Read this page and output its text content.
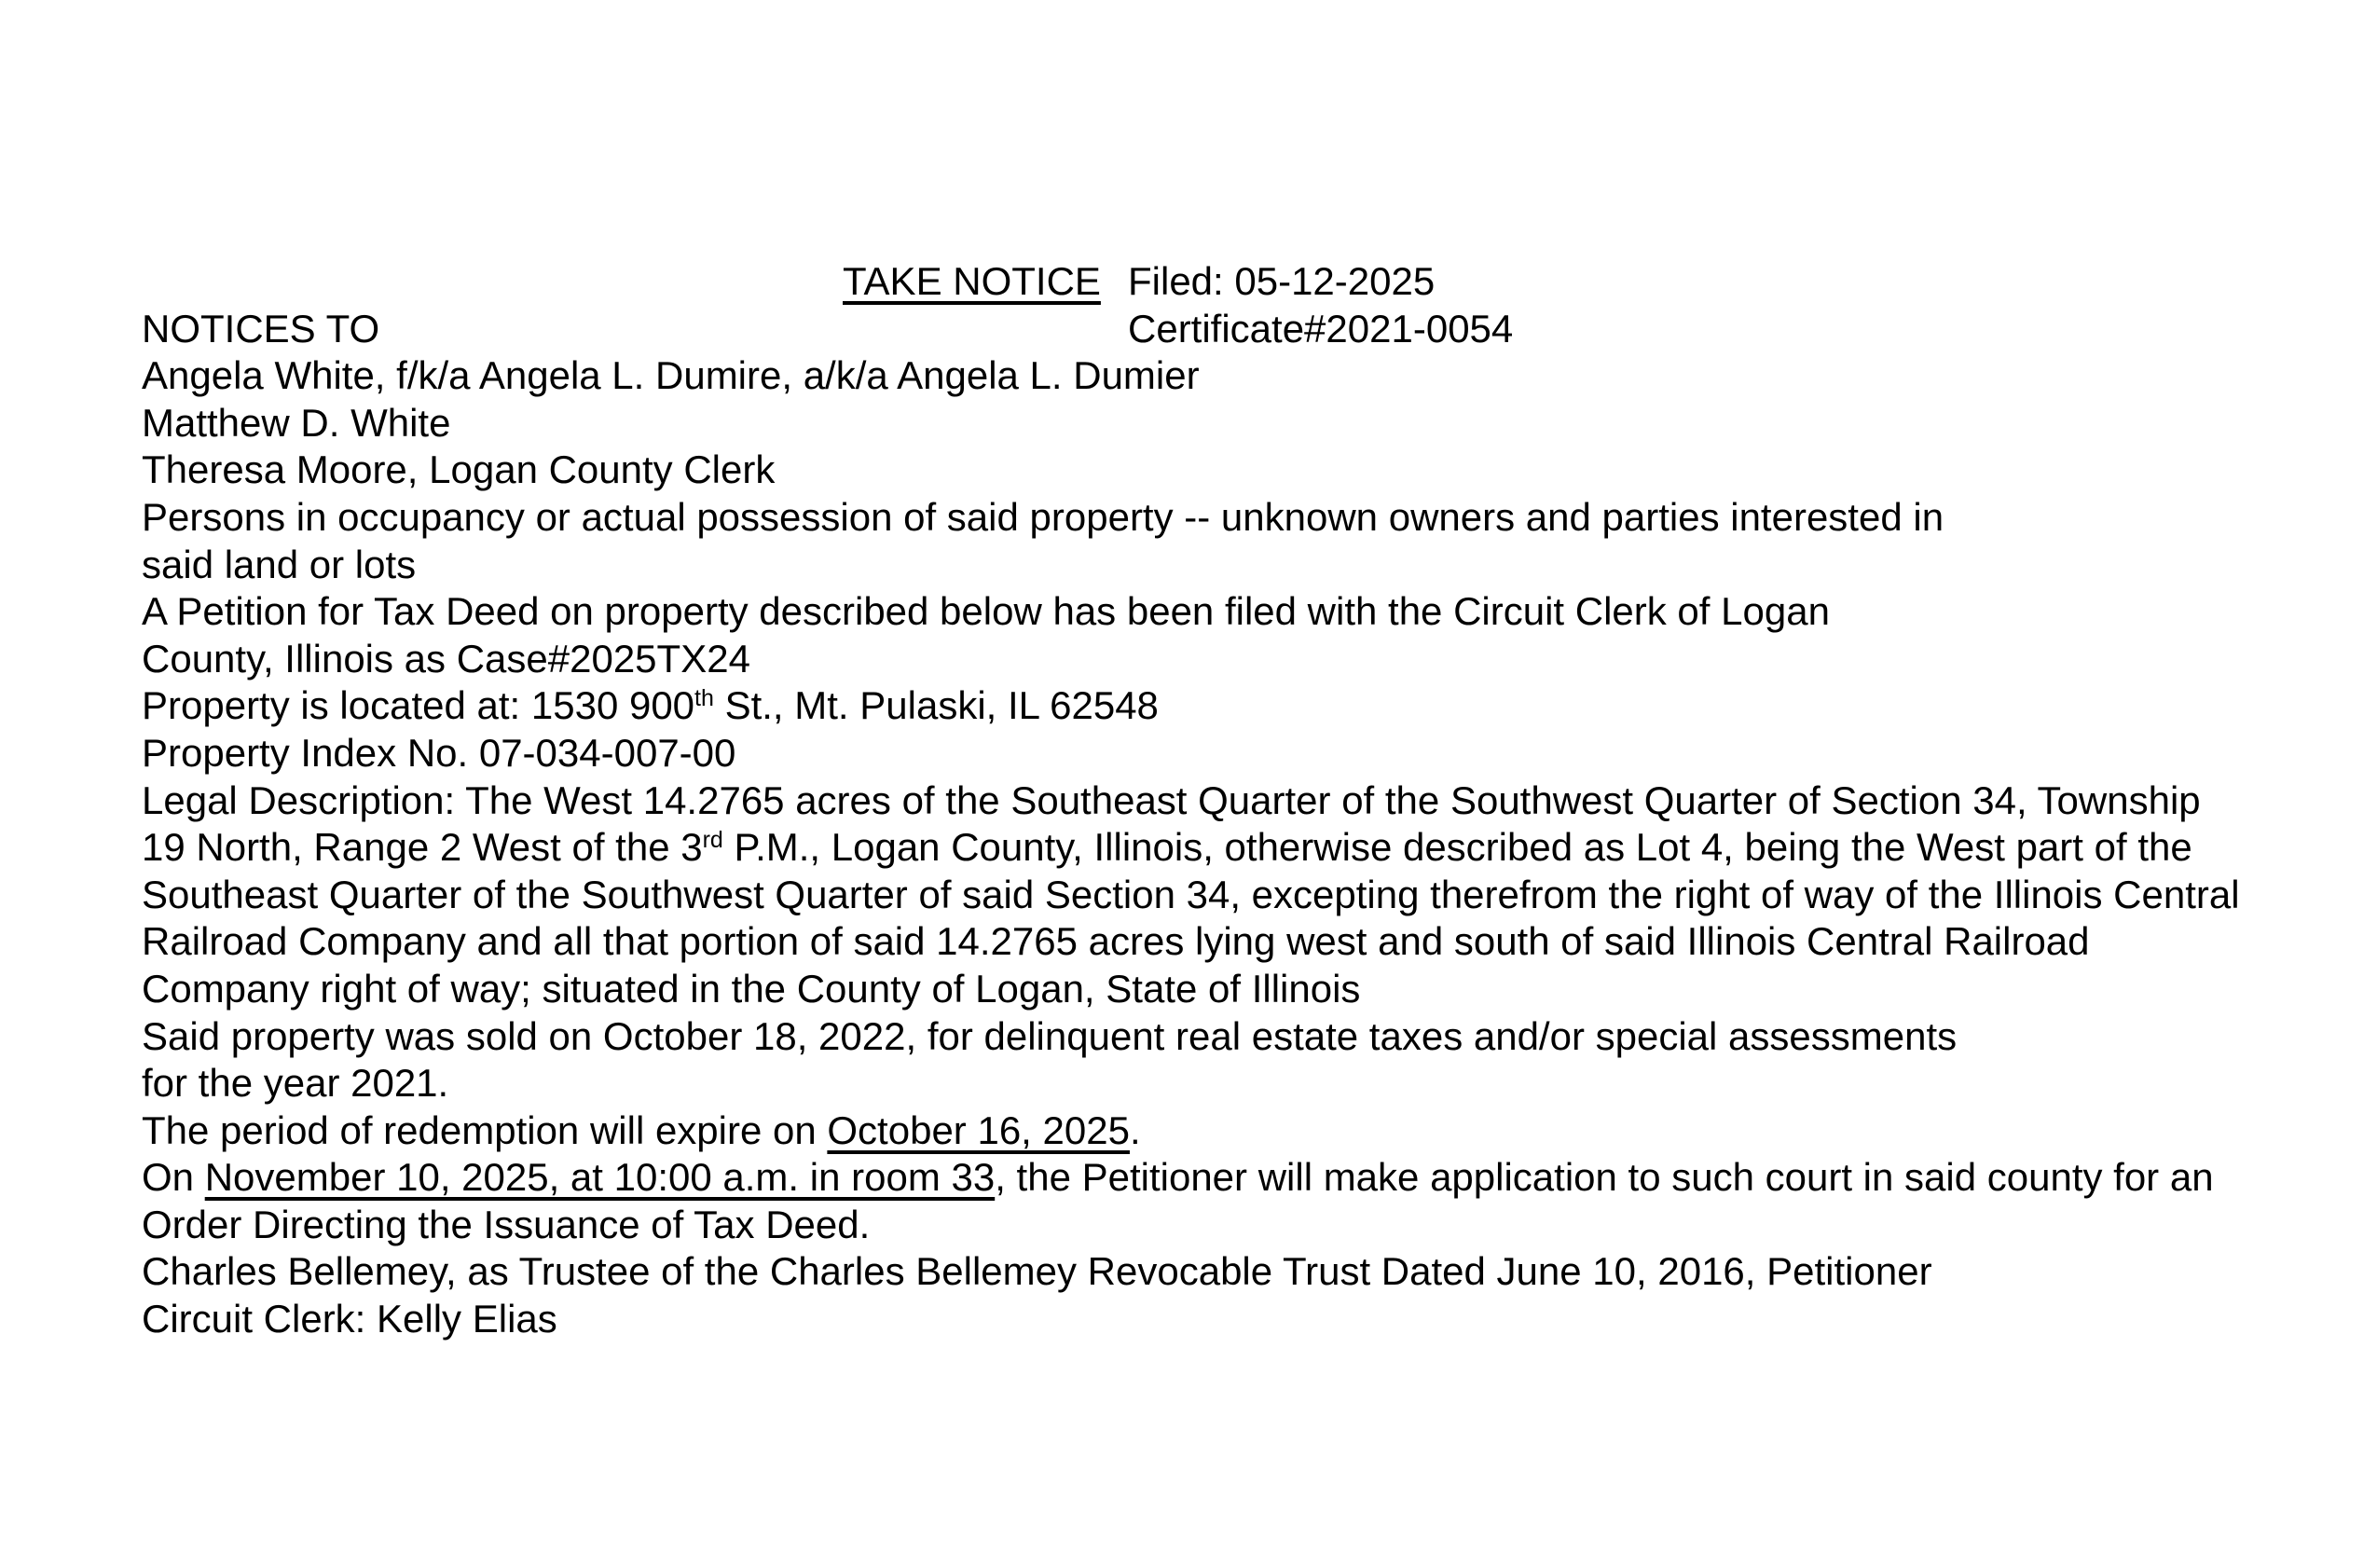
TAKE NOTICE Filed: 05-12-2025
NOTICES TO	Certificate#2021-0054
Angela White, f/k/a Angela L. Dumire, a/k/a Angela L. Dumier
Matthew D. White
Theresa Moore, Logan County Clerk
Persons in occupancy or actual possession of said property -- unknown owners and parties interested in
said land or lots
A Petition for Tax Deed on property described below has been filed with the Circuit Clerk of Logan
County, Illinois as Case#2025TX24
Property is located at: 1530 900th St., Mt. Pulaski, IL 62548
Property Index No. 07-034-007-00
Legal Description: The West 14.2765 acres of the Southeast Quarter of the Southwest Quarter of Section 34, Township
19 North, Range 2 West of the 3rd P.M., Logan County, Illinois, otherwise described as Lot 4, being the West part of the
Southeast Quarter of the Southwest Quarter of said Section 34, excepting therefrom the right of way of the Illinois Central
Railroad Company and all that portion of said 14.2765 acres lying west and south of said Illinois Central Railroad
Company right of way; situated in the County of Logan, State of Illinois
Said property was sold on October 18, 2022, for delinquent real estate taxes and/or special assessments
for the year 2021.
The period of redemption will expire on October 16, 2025.
On November 10, 2025, at 10:00 a.m. in room 33, the Petitioner will make application to such court in said county for an
Order Directing the Issuance of Tax Deed.
Charles Bellemey, as Trustee of the Charles Bellemey Revocable Trust Dated June 10, 2016, Petitioner
Circuit Clerk: Kelly Elias
